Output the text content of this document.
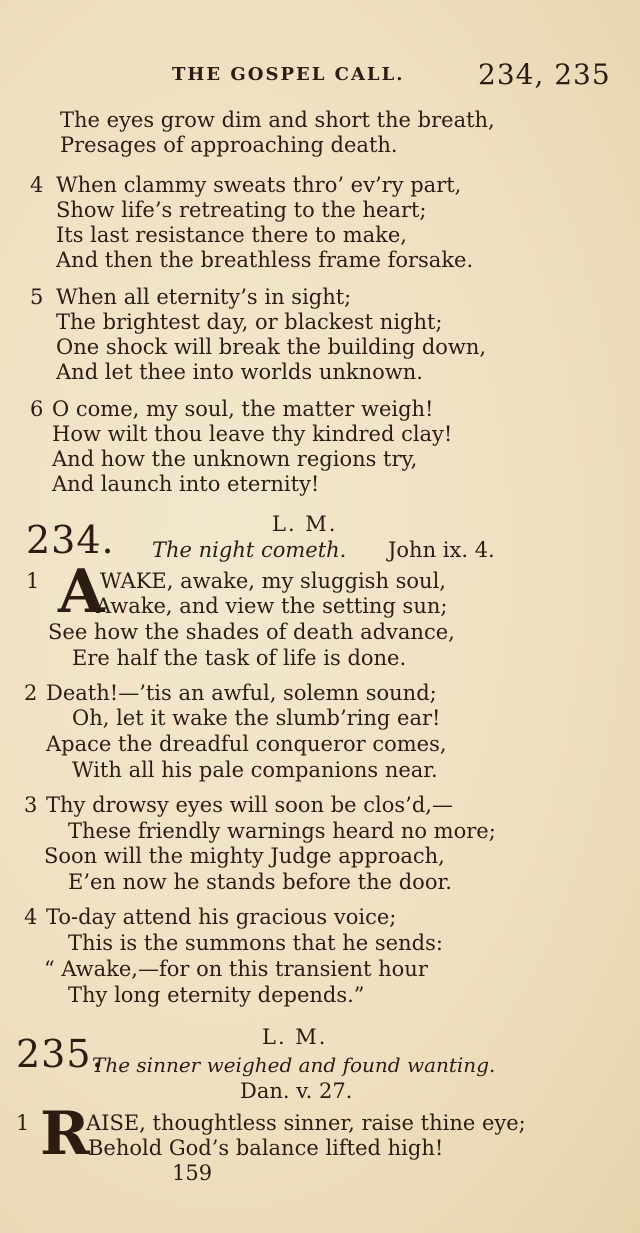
THE GOSPEL CALL.	234, 235
The eyes grow dim and short the breath,
Presages of approaching death.
4 When clammy sweats thro’ ev’ry part,
Show life’s retreating to the heart;
Its last resistance there to make,
And then the breathless frame forsake.
5 When all eternity’s in sight;
The brightest day, or blackest night;
One shock will break the building down,
And let thee into worlds unknown.
6 O come, my soul, the matter weigh!
How wilt thou leave thy kindred clay!
And how the unknown regions try,
And launch into eternity!
234.	L. M.
The night cometh. John ix. 4.
1 A
WAKE, awake, my sluggish soul,
Awake, and view the setting sun;
See how the shades of death advance,
Ere half the task of life is done.
2 Death!—’tis an awful, solemn sound;
Oh, let it wake the slumb’ring ear!
Apace the dreadful conqueror comes,
With all his pale companions near.
3 Thy drowsy eyes will soon be clos’d,—
These friendly warnings heard no more;
Soon will the mighty Judge approach,
E’en now he stands before the door.
4 To-day attend his gracious voice;
This is the summons that he sends:
“ Awake,—for on this transient hour
Thy long eternity depends.”
235.	L. M.
The sinner weighed and found wanting.
Dan. v. 27.
1 R
AISE, thoughtless sinner, raise thine eye;
Behold God’s balance lifted high!
159
